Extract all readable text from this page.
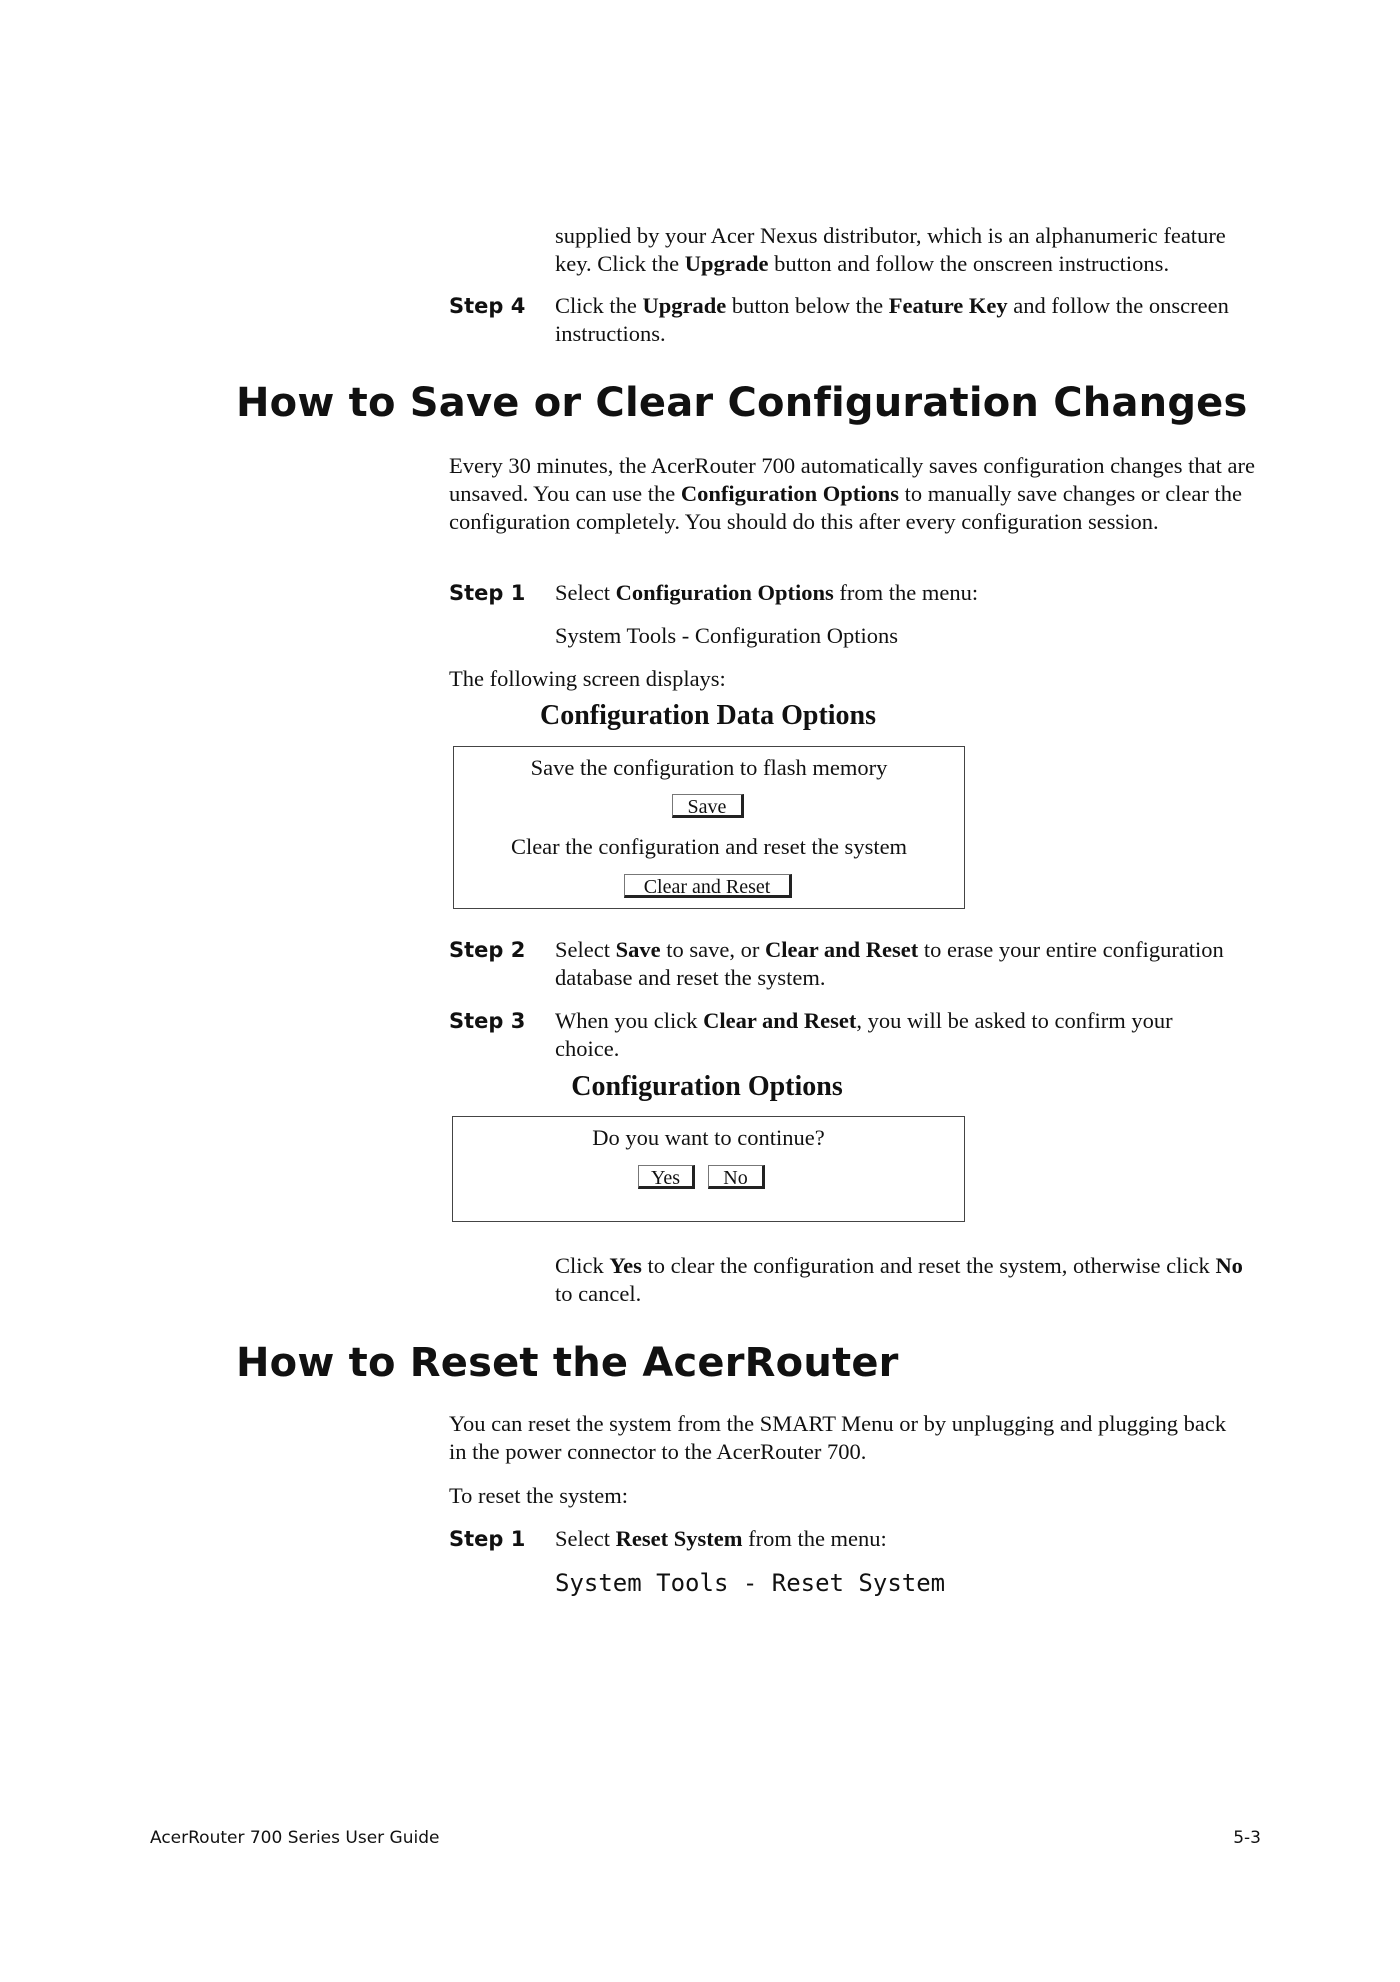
supplied by your Acer Nexus distributor, which is an alphanumeric feature
key. Click the Upgrade button and follow the onscreen instructions.

Step 4 Click the Upgrade button below the Feature Key and follow the onscreen instructions.

How to Save or Clear Configuration Changes

Every 30 minutes, the AcerRouter 700 automatically saves configuration changes that are unsaved. You can use the Configuration Options to manually save changes or clear the configuration completely. You should do this after every configuration session.

Step 1 Select Configuration Options from the menu:

System Tools - Configuration Options

The following screen displays:

Configuration Data Options
Save the configuration to flash memory
Save
Clear the configuration and reset the system
Clear and Reset
Step 2 Select Save to save, or Clear and Reset to erase your entire configuration database and reset the system.

Step 3 When you click Clear and Reset, you will be asked to confirm your choice.

Configuration Options
Do you want to continue?
Yes	No

Click Yes to clear the configuration and reset the system, otherwise click No to cancel.

How to Reset the AcerRouter

You can reset the system from the SMART Menu or by unplugging and plugging back in the power connector to the AcerRouter 700.

To reset the system:

Step 1 Select Reset System from the menu:

System Tools - Reset System

AcerRouter 700 Series User Guide	5-3
